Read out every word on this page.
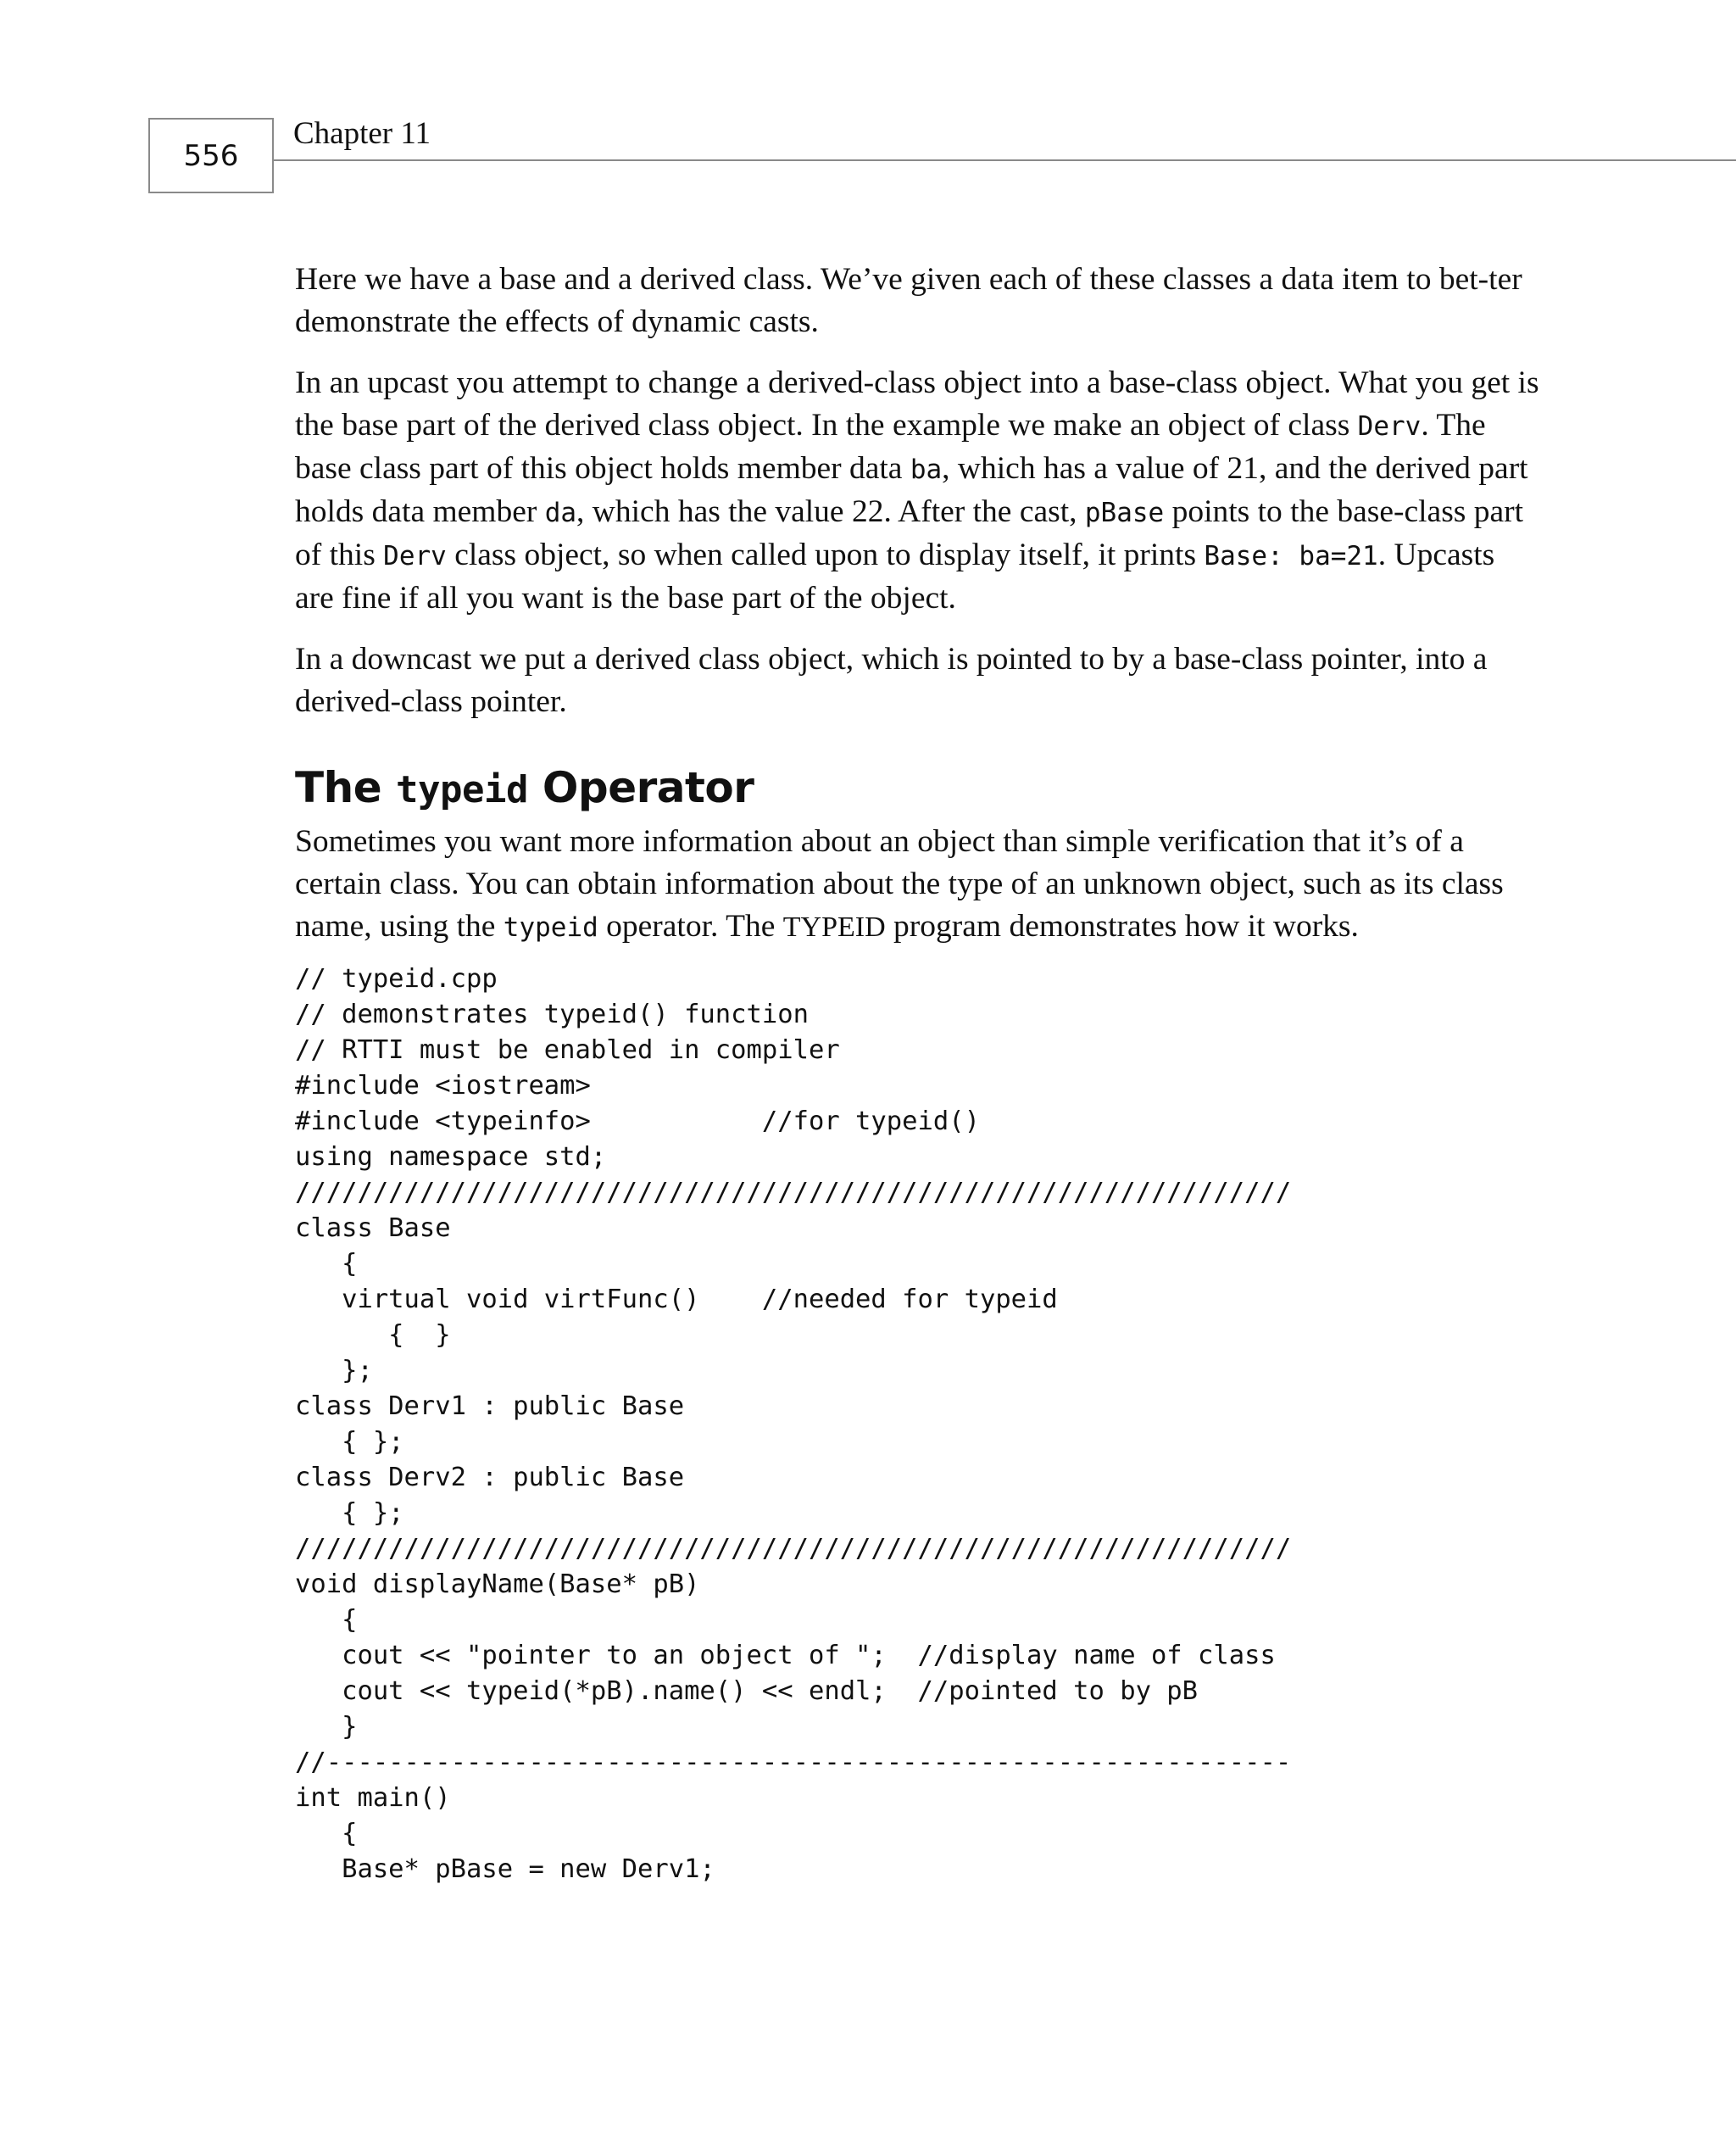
556
Chapter 11

Here we have a base and a derived class. We’ve given each of these classes a data item to bet-ter demonstrate the effects of dynamic casts.

In an upcast you attempt to change a derived-class object into a base-class object. What you get is the base part of the derived class object. In the example we make an object of class Derv. The base class part of this object holds member data ba, which has a value of 21, and the derived part holds data member da, which has the value 22. After the cast, pBase points to the base-class part of this Derv class object, so when called upon to display itself, it prints Base: ba=21. Upcasts are fine if all you want is the base part of the object.

In a downcast we put a derived class object, which is pointed to by a base-class pointer, into a derived-class pointer.

The typeid Operator

Sometimes you want more information about an object than simple verification that it’s of a certain class. You can obtain information about the type of an unknown object, such as its class name, using the typeid operator. The TYPEID program demonstrates how it works.

// typeid.cpp
// demonstrates typeid() function
// RTTI must be enabled in compiler
#include <iostream>
#include <typeinfo>           //for typeid()
using namespace std;
////////////////////////////////////////////////////////////////
class Base
{
virtual void virtFunc()    //needed for typeid
{  }
};
class Derv1 : public Base
{ };
class Derv2 : public Base
{ };
////////////////////////////////////////////////////////////////
void displayName(Base* pB)
{
cout << "pointer to an object of ";  //display name of class
cout << typeid(*pB).name() << endl;  //pointed to by pB
}
//--------------------------------------------------------------
int main()
{
Base* pBase = new Derv1;
